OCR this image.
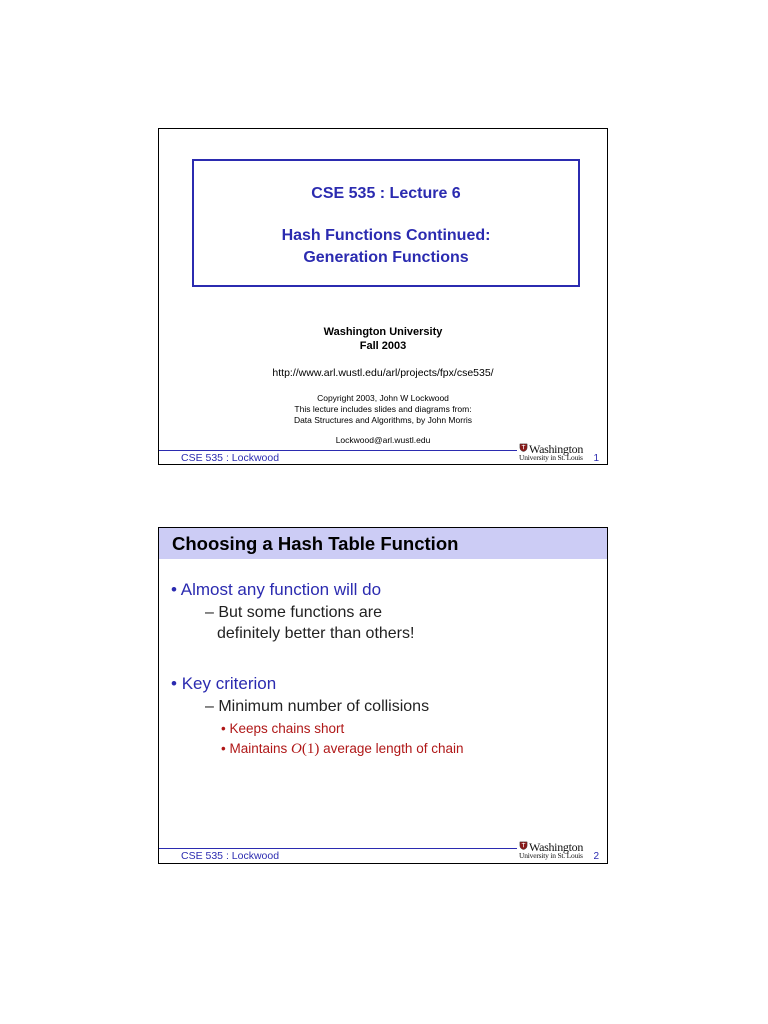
CSE 535 : Lecture 6
Hash Functions Continued:
Generation Functions
Washington University
Fall 2003
http://www.arl.wustl.edu/arl/projects/fpx/cse535/
Copyright 2003, John W Lockwood
This lecture includes slides and diagrams from:
Data Structures and Algorithms, by John Morris
Lockwood@arl.wustl.edu
CSE 535 : Lockwood
Washington
University in St. Louis 1
Choosing a Hash Table Function
• Almost any function will do
– But some functions are
definitely better than others!
• Key criterion
– Minimum number of collisions
• Keeps chains short
• Maintains O(1) average length of chain
CSE 535 : Lockwood
Washington
University in St. Louis 2
